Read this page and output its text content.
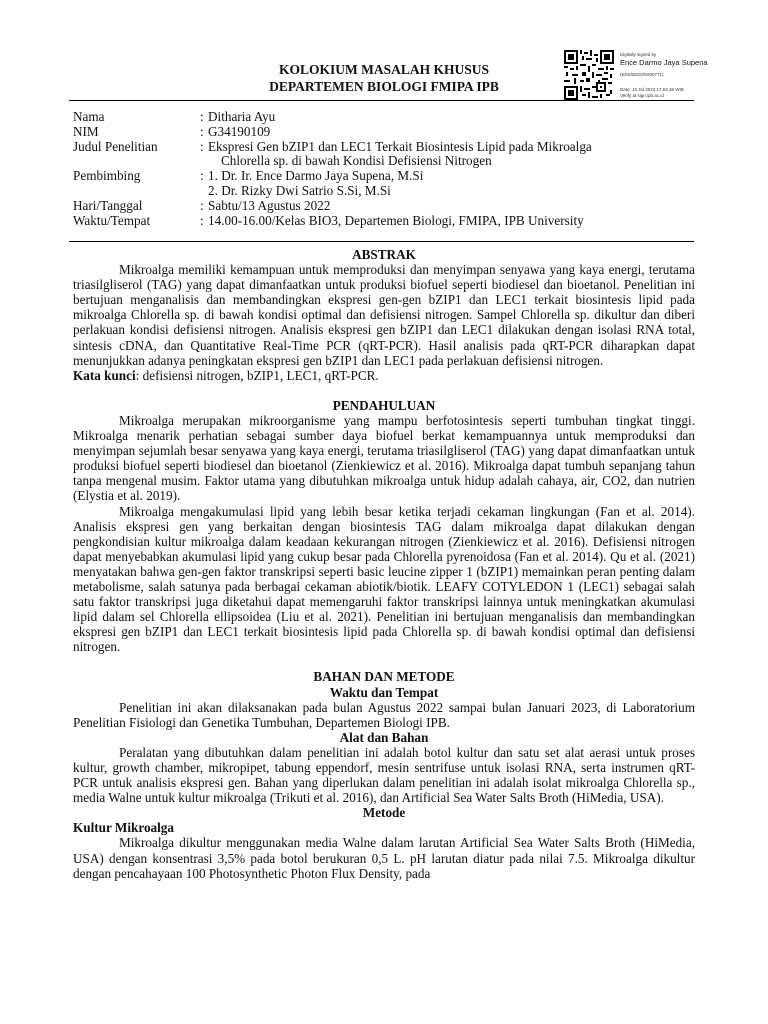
KOLOKIUM MASALAH KHUSUS
DEPARTEMEN BIOLOGI FMIPA IPB
Digitally signed by
Ence Darmo Jaya Supena
(EDS/DEDI/S#00771)
Date: 16 Jul 2022 17.53.36 WIB
Verify at sign.ipb.ac.id
Nama	: Ditharia Ayu
NIM	: G34190109
Judul Penelitian	: Ekspresi Gen bZIP1 dan LEC1 Terkait Biosintesis Lipid pada Mikroalga
Chlorella sp. di bawah Kondisi Defisiensi Nitrogen
Pembimbing	: 1. Dr. Ir. Ence Darmo Jaya Supena, M.Si
2. Dr. Rizky Dwi Satrio S.Si, M.Si
Hari/Tanggal	: Sabtu/13 Agustus 2022
Waktu/Tempat	: 14.00-16.00/Kelas BIO3, Departemen Biologi, FMIPA, IPB University
ABSTRAK

Mikroalga memiliki kemampuan untuk memproduksi dan menyimpan senyawa yang kaya energi, terutama triasilgliserol (TAG) yang dapat dimanfaatkan untuk produksi biofuel seperti biodiesel dan bioetanol. Penelitian ini bertujuan menganalisis dan membandingkan ekspresi gen-gen bZIP1 dan LEC1 terkait biosintesis lipid pada mikroalga Chlorella sp. di bawah kondisi optimal dan defisiensi nitrogen. Sampel Chlorella sp. dikultur dan diberi perlakuan kondisi defisiensi nitrogen. Analisis ekspresi gen bZIP1 dan LEC1 dilakukan dengan isolasi RNA total, sintesis cDNA, dan Quantitative Real-Time PCR (qRT-PCR). Hasil analisis pada qRT-PCR diharapkan dapat menunjukkan adanya peningkatan ekspresi gen bZIP1 dan LEC1 pada perlakuan defisiensi nitrogen.

Kata kunci: defisiensi nitrogen, bZIP1, LEC1, qRT-PCR.

PENDAHULUAN

Mikroalga merupakan mikroorganisme yang mampu berfotosintesis seperti tumbuhan tingkat tinggi. Mikroalga menarik perhatian sebagai sumber daya biofuel berkat kemampuannya untuk memproduksi dan menyimpan sejumlah besar senyawa yang kaya energi, terutama triasilgliserol (TAG) yang dapat dimanfaatkan untuk produksi biofuel seperti biodiesel dan bioetanol (Zienkiewicz et al. 2016). Mikroalga dapat tumbuh sepanjang tahun tanpa mengenal musim. Faktor utama yang dibutuhkan mikroalga untuk hidup adalah cahaya, air, CO2, dan nutrien (Elystia et al. 2019).

Mikroalga mengakumulasi lipid yang lebih besar ketika terjadi cekaman lingkungan (Fan et al. 2014). Analisis ekspresi gen yang berkaitan dengan biosintesis TAG dalam mikroalga dapat dilakukan dengan pengkondisian kultur mikroalga dalam keadaan kekurangan nitrogen (Zienkiewicz et al. 2016). Defisiensi nitrogen dapat menyebabkan akumulasi lipid yang cukup besar pada Chlorella pyrenoidosa (Fan et al. 2014). Qu et al. (2021) menyatakan bahwa gen-gen faktor transkripsi seperti basic leucine zipper 1 (bZIP1) memainkan peran penting dalam metabolisme, salah satunya pada berbagai cekaman abiotik/biotik. LEAFY COTYLEDON 1 (LEC1) sebagai salah satu faktor transkripsi juga diketahui dapat memengaruhi faktor transkripsi lainnya untuk meningkatkan akumulasi lipid dalam sel Chlorella ellipsoidea (Liu et al. 2021). Penelitian ini bertujuan menganalisis dan membandingkan ekspresi gen bZIP1 dan LEC1 terkait biosintesis lipid pada Chlorella sp. di bawah kondisi optimal dan defisiensi nitrogen.

BAHAN DAN METODE
Waktu dan Tempat

Penelitian ini akan dilaksanakan pada bulan Agustus 2022 sampai bulan Januari 2023, di Laboratorium Penelitian Fisiologi dan Genetika Tumbuhan, Departemen Biologi IPB.

Alat dan Bahan

Peralatan yang dibutuhkan dalam penelitian ini adalah botol kultur dan satu set alat aerasi untuk proses kultur, growth chamber, mikropipet, tabung eppendorf, mesin sentrifuse untuk isolasi RNA, serta instrumen qRT-PCR untuk analisis ekspresi gen. Bahan yang diperlukan dalam penelitian ini adalah isolat mikroalga Chlorella sp., media Walne untuk kultur mikroalga (Trikuti et al. 2016), dan Artificial Sea Water Salts Broth (HiMedia, USA).

Metode
Kultur Mikroalga

Mikroalga dikultur menggunakan media Walne dalam larutan Artificial Sea Water Salts Broth (HiMedia, USA) dengan konsentrasi 3,5% pada botol berukuran 0,5 L. pH larutan diatur pada nilai 7.5. Mikroalga dikultur dengan pencahayaan 100 Photosynthetic Photon Flux Density, pada
